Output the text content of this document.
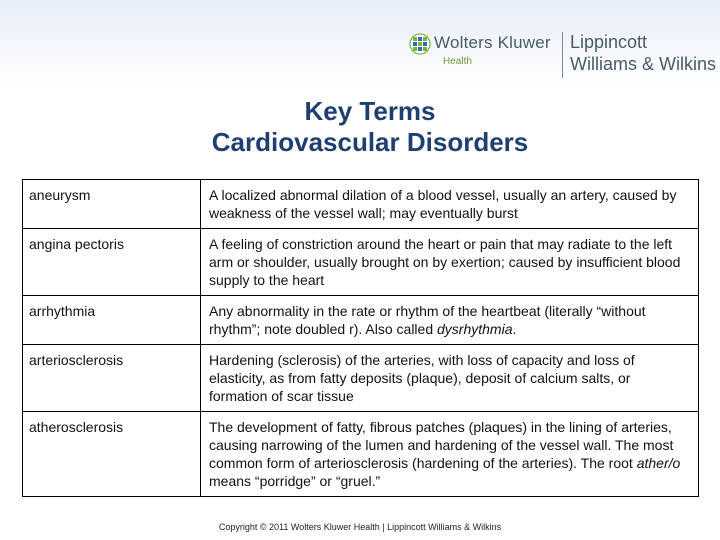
Wolters Kluwer
Health
Lippincott
Williams & Wilkins
Key Terms
Cardiovascular Disorders
aneurysm	A localized abnormal dilation of a blood vessel, usually an artery, caused by weakness of the vessel wall; may eventually burst
angina pectoris	A feeling of constriction around the heart or pain that may radiate to the left arm or shoulder, usually brought on by exertion; caused by insufficient blood supply to the heart
arrhythmia	Any abnormality in the rate or rhythm of the heartbeat (literally “without rhythm”; note doubled r). Also called dysrhythmia.
arteriosclerosis	Hardening (sclerosis) of the arteries, with loss of capacity and loss of elasticity, as from fatty deposits (plaque), deposit of calcium salts, or formation of scar tissue
atherosclerosis	The development of fatty, fibrous patches (plaques) in the lining of arteries, causing narrowing of the lumen and hardening of the vessel wall. The most common form of arteriosclerosis (hardening of the arteries). The root ather/o means “porridge” or “gruel.”
Copyright © 2011 Wolters Kluwer Health | Lippincott Williams & Wilkins
